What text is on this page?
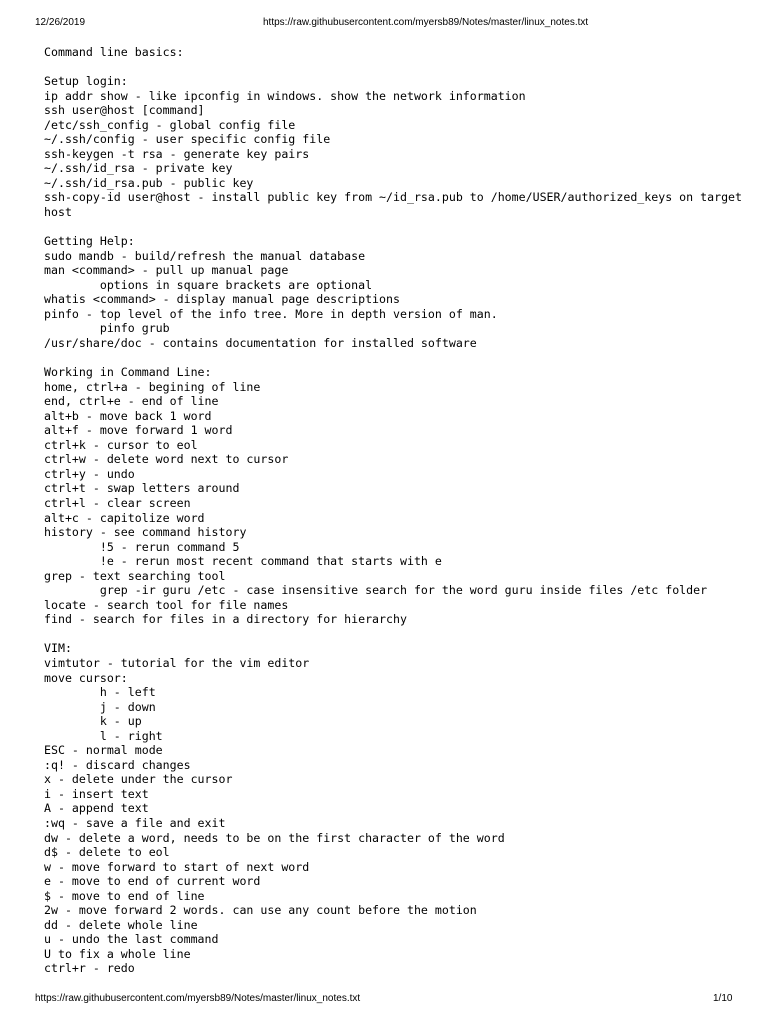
12/26/2019	https://raw.githubusercontent.com/myersb89/Notes/master/linux_notes.txt
Command line basics:
Setup login:
ip addr show - like ipconfig in windows. show the network information
ssh user@host [command]
/etc/ssh_config - global config file
~/.ssh/config - user specific config file
ssh-keygen -t rsa - generate key pairs
~/.ssh/id_rsa - private key
~/.ssh/id_rsa.pub - public key
ssh-copy-id user@host - install public key from ~/id_rsa.pub to /home/USER/authorized_keys on target
host
Getting Help:
sudo mandb - build/refresh the manual database
man <command> - pull up manual page
options in square brackets are optional
whatis <command> - display manual page descriptions
pinfo - top level of the info tree. More in depth version of man.
pinfo grub
/usr/share/doc - contains documentation for installed software
Working in Command Line:
home, ctrl+a - begining of line
end, ctrl+e - end of line
alt+b - move back 1 word
alt+f - move forward 1 word
ctrl+k - cursor to eol
ctrl+w - delete word next to cursor
ctrl+y - undo
ctrl+t - swap letters around
ctrl+l - clear screen
alt+c - capitolize word
history - see command history
!5 - rerun command 5
!e - rerun most recent command that starts with e
grep - text searching tool
grep -ir guru /etc - case insensitive search for the word guru inside files /etc folder
locate - search tool for file names
find - search for files in a directory for hierarchy
VIM:
vimtutor - tutorial for the vim editor
move cursor:
h - left
j - down
k - up
l - right
ESC - normal mode
:q! - discard changes
x - delete under the cursor
i - insert text
A - append text
:wq - save a file and exit
dw - delete a word, needs to be on the first character of the word
d$ - delete to eol
w - move forward to start of next word
e - move to end of current word
$ - move to end of line
2w - move forward 2 words. can use any count before the motion
dd - delete whole line
u - undo the last command
U to fix a whole line
ctrl+r - redo
https://raw.githubusercontent.com/myersb89/Notes/master/linux_notes.txt	1/10
